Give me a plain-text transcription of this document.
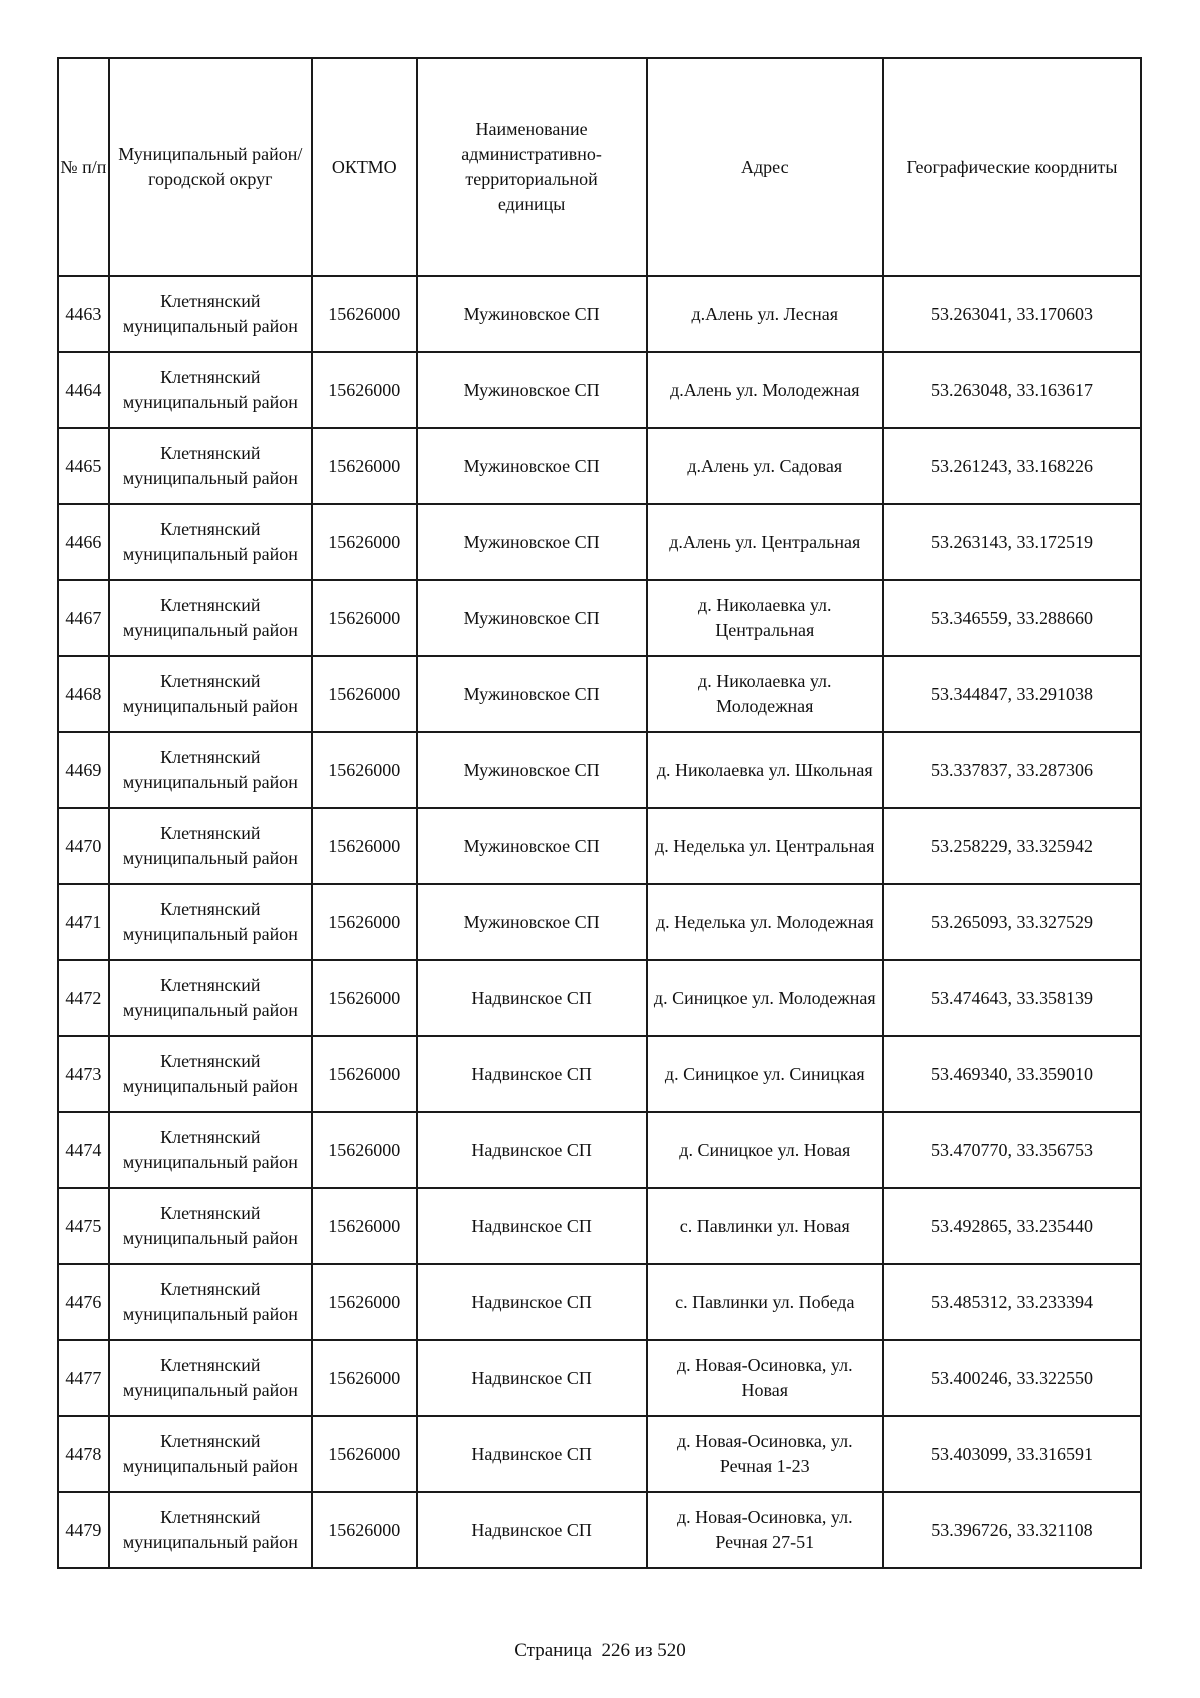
№ п/п	Муниципальный район/городской округ	ОКТМО	Наименование административно-территориальной единицы	Адрес	Географические коордниты
4463	Клетнянский муниципальный район	15626000	Мужиновское СП	д.Алень ул. Лесная	53.263041, 33.170603
4464	Клетнянский муниципальный район	15626000	Мужиновское СП	д.Алень ул. Молодежная	53.263048, 33.163617
4465	Клетнянский муниципальный район	15626000	Мужиновское СП	д.Алень ул. Садовая	53.261243, 33.168226
4466	Клетнянский муниципальный район	15626000	Мужиновское СП	д.Алень ул. Центральная	53.263143, 33.172519
4467	Клетнянский муниципальный район	15626000	Мужиновское СП	д. Николаевка ул. Центральная	53.346559, 33.288660
4468	Клетнянский муниципальный район	15626000	Мужиновское СП	д. Николаевка ул. Молодежная	53.344847, 33.291038
4469	Клетнянский муниципальный район	15626000	Мужиновское СП	д. Николаевка ул. Школьная	53.337837, 33.287306
4470	Клетнянский муниципальный район	15626000	Мужиновское СП	д. Неделька ул. Центральная	53.258229, 33.325942
4471	Клетнянский муниципальный район	15626000	Мужиновское СП	д. Неделька ул. Молодежная	53.265093, 33.327529
4472	Клетнянский муниципальный район	15626000	Надвинское СП	д. Синицкое ул. Молодежная	53.474643, 33.358139
4473	Клетнянский муниципальный район	15626000	Надвинское СП	д. Синицкое ул. Синицкая	53.469340, 33.359010
4474	Клетнянский муниципальный район	15626000	Надвинское СП	д. Синицкое ул. Новая	53.470770, 33.356753
4475	Клетнянский муниципальный район	15626000	Надвинское СП	с. Павлинки ул. Новая	53.492865, 33.235440
4476	Клетнянский муниципальный район	15626000	Надвинское СП	с. Павлинки ул. Победа	53.485312, 33.233394
4477	Клетнянский муниципальный район	15626000	Надвинское СП	д. Новая-Осиновка, ул. Новая	53.400246, 33.322550
4478	Клетнянский муниципальный район	15626000	Надвинское СП	д. Новая-Осиновка, ул. Речная 1-23	53.403099, 33.316591
4479	Клетнянский муниципальный район	15626000	Надвинское СП	д. Новая-Осиновка, ул. Речная 27-51	53.396726, 33.321108
Страница  226 из 520
